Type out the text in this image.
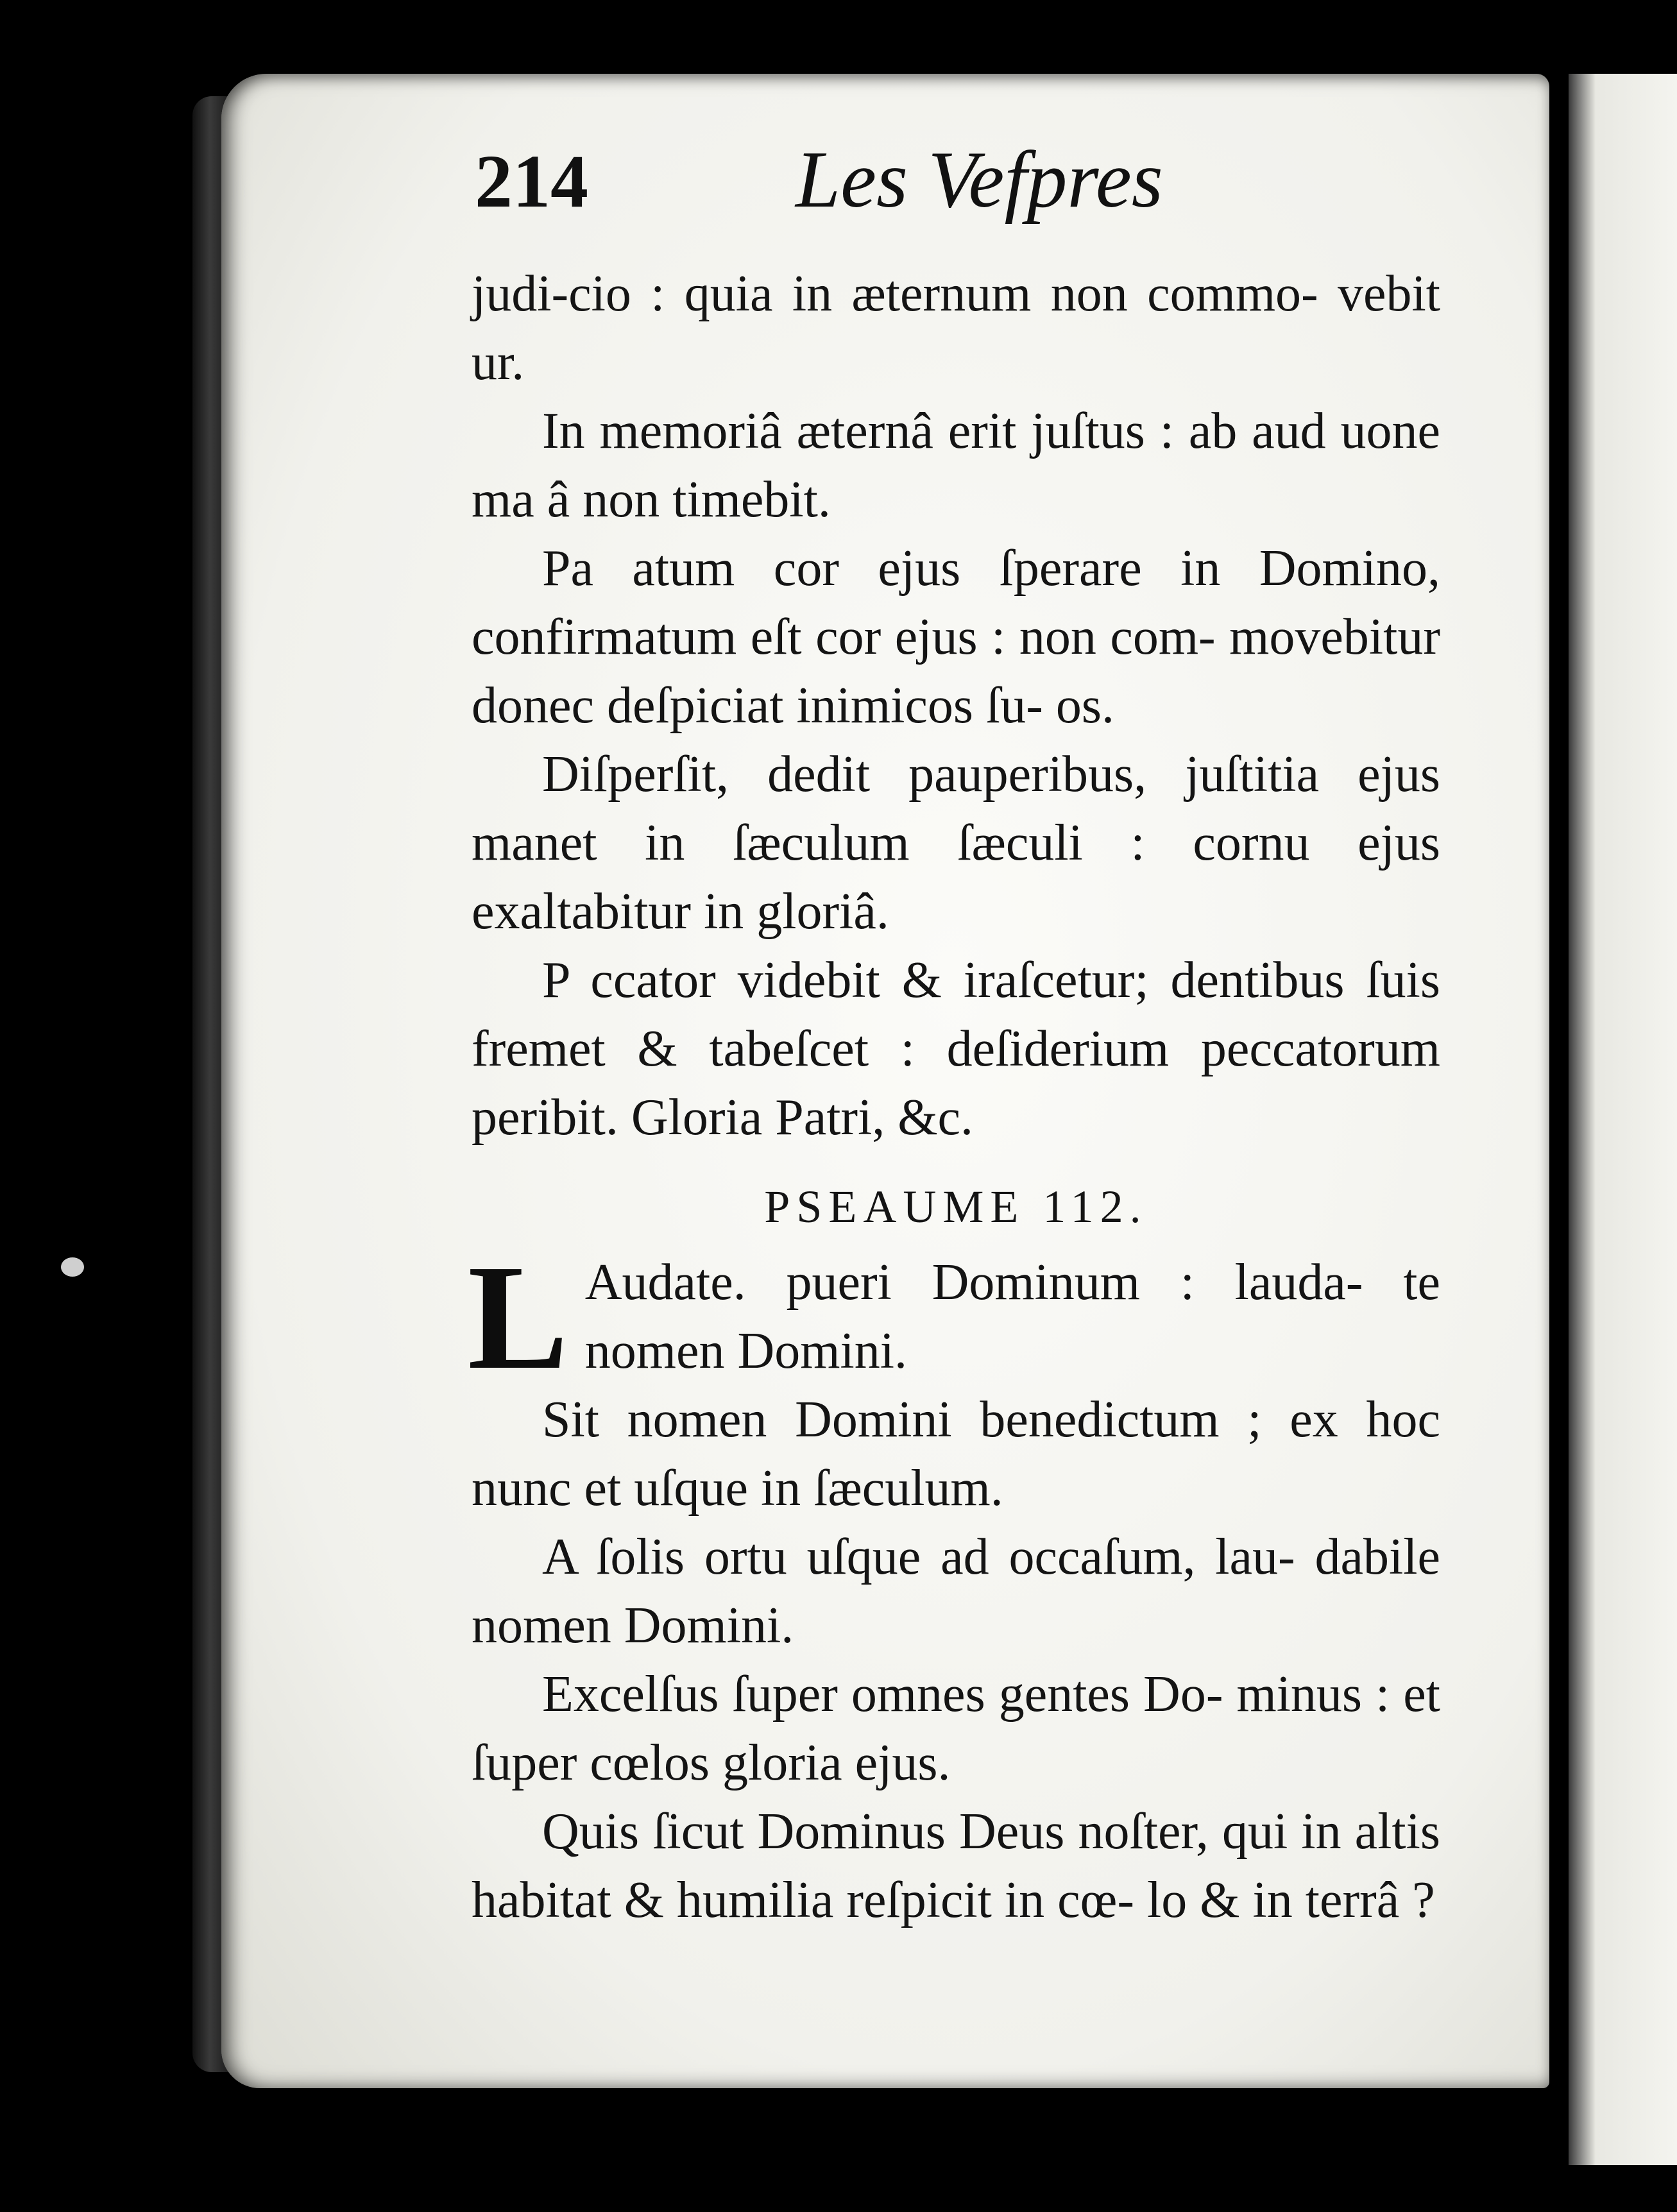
214	Les Vefpres

judi-cio : quia in æternum non commo- vebit ur.

In memoriâ æternâ erit juſtus : ab aud uone ma â non timebit.

Pa atum cor ejus ſperare in Domino, confirmatum eſt cor ejus : non com- movebitur donec deſpiciat inimicos ſu- os.

Diſperſit, dedit pauperibus, juſtitia ejus manet in ſæculum ſæculi : cornu ejus exaltabitur in gloriâ.

P ccator videbit & iraſcetur; dentibus ſuis fremet & tabeſcet : deſiderium peccatorum peribit. Gloria Patri, &c.

PSEAUME 112.

L Audate. pueri Dominum : lauda- te nomen Domini.

Sit nomen Domini benedictum ; ex hoc nunc et uſque in ſæculum.

A ſolis ortu uſque ad occaſum, lau- dabile nomen Domini.

Excelſus ſuper omnes gentes Do- minus : et ſuper cœlos gloria ejus.

Quis ſicut Dominus Deus noſter, qui in altis habitat & humilia reſpicit in cœ- lo & in terrâ ?
